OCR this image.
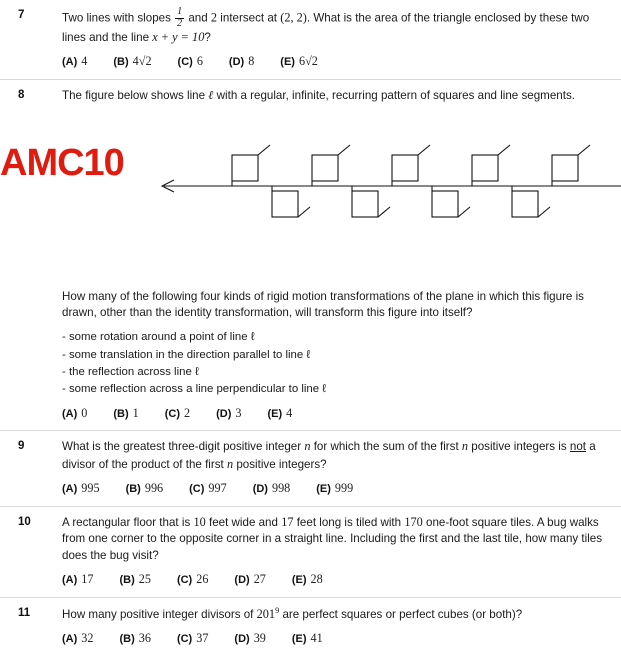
7	Two lines with slopes $\frac{1}{2}$ and 2 intersect at (2, 2). What is the area of the triangle enclosed by these two lines and the line x + y = 10?

(A) 4 (B) 4√2 (C) 6 (D) 8 (E) 6√2
8	The figure below shows line ℓ with a regular, infinite, recurring pattern of squares and line segments.

AMC10

How many of the following four kinds of rigid motion transformations of the plane in which this figure is drawn, other than the identity transformation, will transform this figure into itself?

- some rotation around a point of line ℓ
- some translation in the direction parallel to line ℓ
- the reflection across line ℓ
- some reflection across a line perpendicular to line ℓ
(A) 0 (B) 1 (C) 2 (D) 3 (E) 4
9	What is the greatest three-digit positive integer n for which the sum of the first n positive integers is not a divisor of the product of the first n positive integers?

(A) 995 (B) 996 (C) 997 (D) 998 (E) 999
10	A rectangular floor that is 10 feet wide and 17 feet long is tiled with 170 one-foot square tiles. A bug walks from one corner to the opposite corner in a straight line. Including the first and the last tile, how many tiles does the bug visit?

(A) 17 (B) 25 (C) 26 (D) 27 (E) 28
11	How many positive integer divisors of $201^9$ are perfect squares or perfect cubes (or both)?

(A) 32 (B) 36 (C) 37 (D) 39 (E) 41
